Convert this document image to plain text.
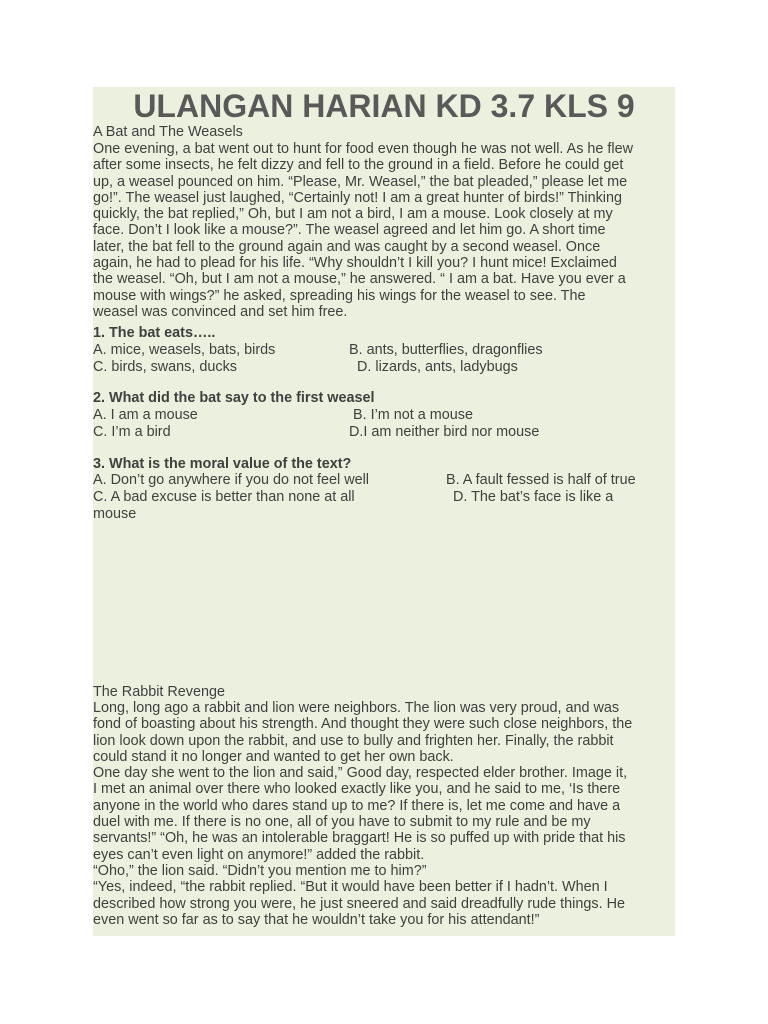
ULANGAN HARIAN KD 3.7 KLS 9
A Bat and The Weasels
One evening, a bat went out to hunt for food even though he was not well. As he flew
after some insects, he felt dizzy and fell to the ground in a field. Before he could get
up, a weasel pounced on him. “Please, Mr. Weasel,” the bat pleaded,” please let me
go!”. The weasel just laughed, “Certainly not! I am a great hunter of birds!” Thinking
quickly, the bat replied,” Oh, but I am not a bird, I am a mouse. Look closely at my
face. Don’t I look like a mouse?”. The weasel agreed and let him go. A short time
later, the bat fell to the ground again and was caught by a second weasel. Once
again, he had to plead for his life. “Why shouldn’t I kill you? I hunt mice! Exclaimed
the weasel. “Oh, but I am not a mouse,” he answered. “ I am a bat. Have you ever a
mouse with wings?” he asked, spreading his wings for the weasel to see. The
weasel was convinced and set him free.
1. The bat eats…..
A. mice, weasels, bats, birds	B. ants, butterflies, dragonflies
C. birds, swans, ducks	D. lizards, ants, ladybugs
2. What did the bat say to the first weasel
A. I am a mouse	B. I’m not a mouse
C. I’m a bird	D.I am neither bird nor mouse
3. What is the moral value of the text?
A. Don’t go anywhere if you do not feel well	B. A fault fessed is half of true
C. A bad excuse is better than none at all	D. The bat’s face is like a
mouse
The Rabbit Revenge
Long, long ago a rabbit and lion were neighbors. The lion was very proud, and was
fond of boasting about his strength. And thought they were such close neighbors, the
lion look down upon the rabbit, and use to bully and frighten her. Finally, the rabbit
could stand it no longer and wanted to get her own back.
One day she went to the lion and said,” Good day, respected elder brother. Image it,
I met an animal over there who looked exactly like you, and he said to me, ‘Is there
anyone in the world who dares stand up to me? If there is, let me come and have a
duel with me. If there is no one, all of you have to submit to my rule and be my
servants!” “Oh, he was an intolerable braggart! He is so puffed up with pride that his
eyes can’t even light on anymore!” added the rabbit.
“Oho,” the lion said. “Didn’t you mention me to him?”
“Yes, indeed, “the rabbit replied. “But it would have been better if I hadn’t. When I
described how strong you were, he just sneered and said dreadfully rude things. He
even went so far as to say that he wouldn’t take you for his attendant!”
